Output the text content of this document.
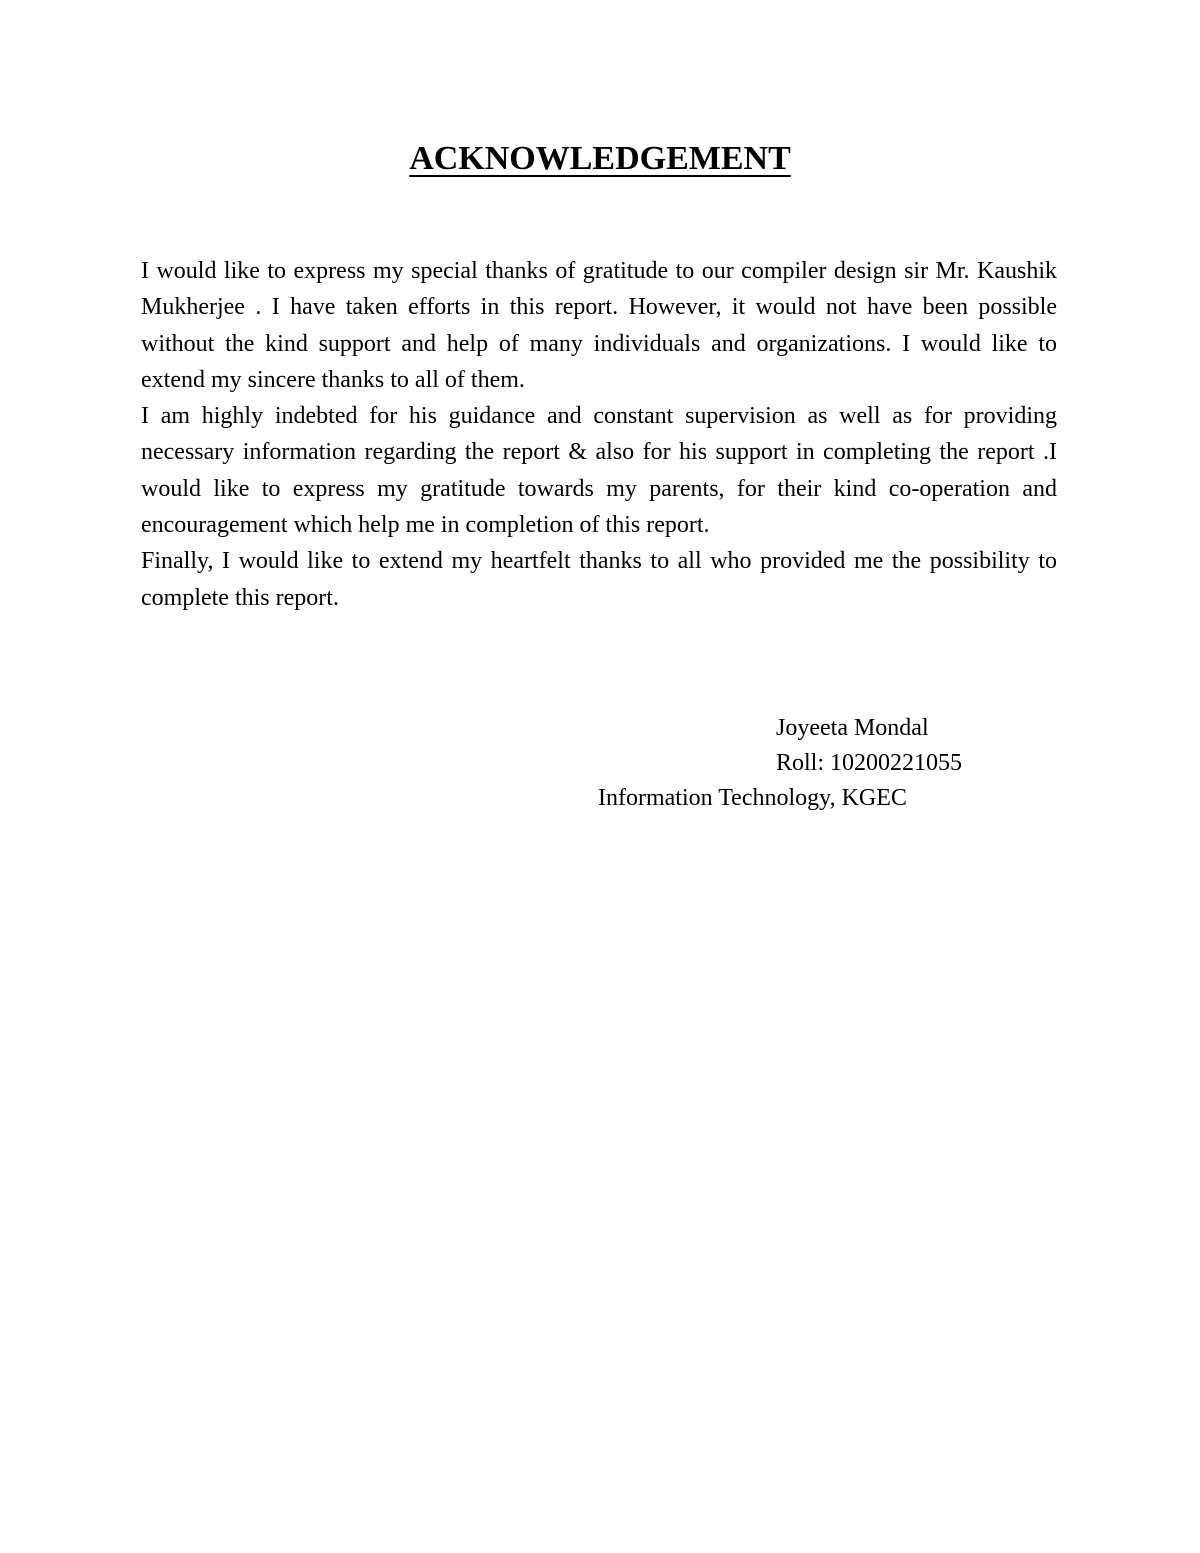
ACKNOWLEDGEMENT

I would like to express my special thanks of gratitude to our compiler design sir Mr. Kaushik Mukherjee . I have taken efforts in this report. However, it would not have been possible without the kind support and help of many individuals and organizations. I would like to extend my sincere thanks to all of them.

I am highly indebted for his guidance and constant supervision as well as for providing necessary information regarding the report & also for his support in completing the report .I would like to express my gratitude towards my parents, for their kind co-operation and encouragement which help me in completion of this report.

Finally, I would like to extend my heartfelt thanks to all who provided me the possibility to complete this report.

Joyeeta Mondal
Roll: 10200221055
Information Technology, KGEC
